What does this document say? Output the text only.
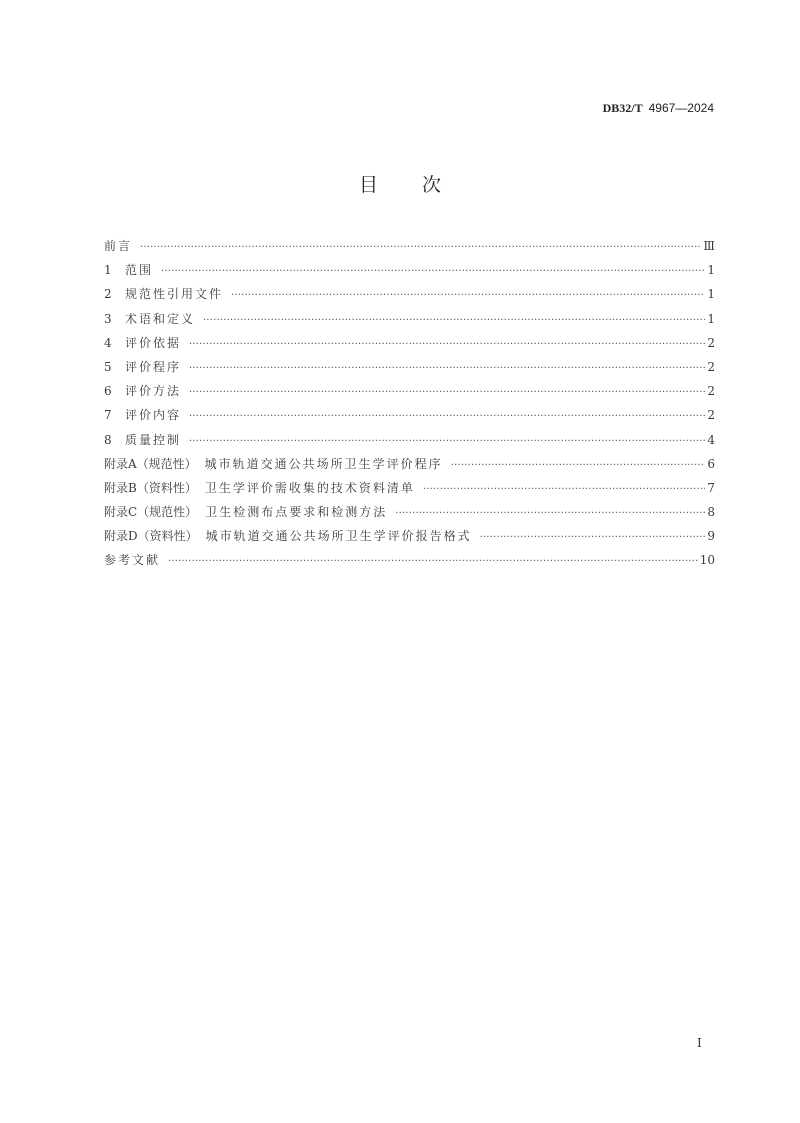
DB32/T 4967—2024
目 次
前言 ·····	Ⅲ
1 范围 ·····	1
2 规范性引用文件 ·····	1
3 术语和定义 ·····	1
4 评价依据 ·····	2
5 评价程序 ·····	2
6 评价方法 ·····	2
7 评价内容 ·····	2
8 质量控制 ·····	4
附录A（规范性） 城市轨道交通公共场所卫生学评价程序 ·····	6
附录B（资料性） 卫生学评价需收集的技术资料清单 ·····	7
附录C（规范性） 卫生检测布点要求和检测方法 ·····	8
附录D（资料性） 城市轨道交通公共场所卫生学评价报告格式 ·····	9
参考文献 ·····	10
Ⅰ
